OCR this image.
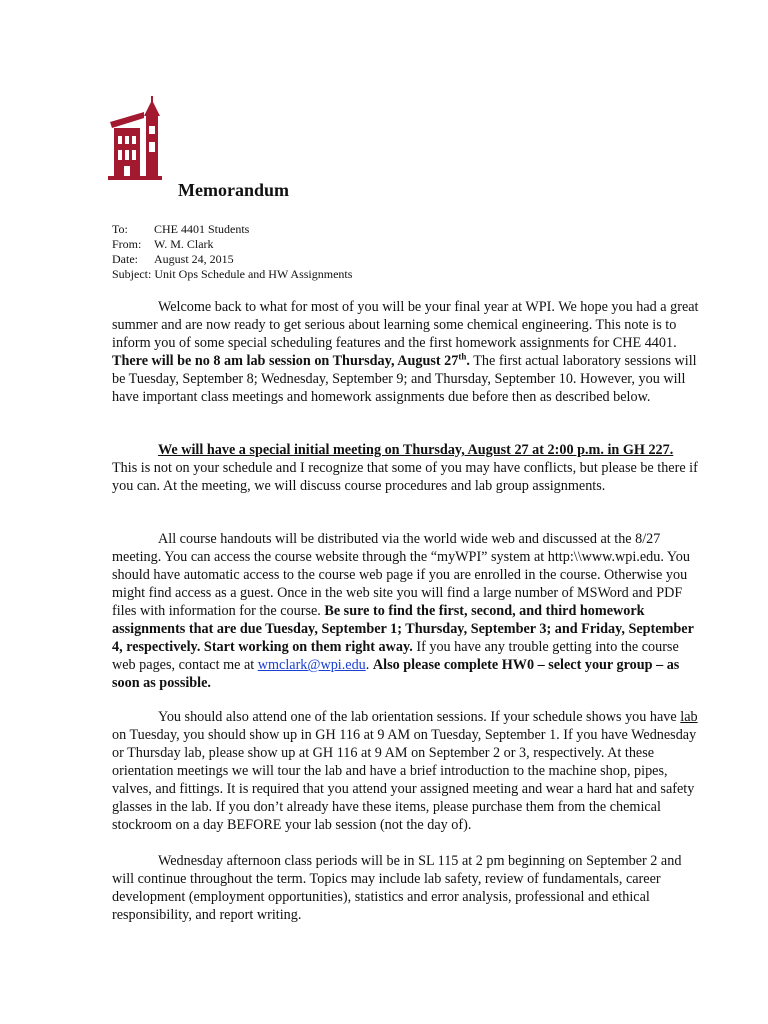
Memorandum
To: CHE 4401 Students
From: W. M. Clark
Date: August 24, 2015
Subject: Unit Ops Schedule and HW Assignments
Welcome back to what for most of you will be your final year at WPI. We hope you had a great summer and are now ready to get serious about learning some chemical engineering. This note is to inform you of some special scheduling features and the first homework assignments for CHE 4401. There will be no 8 am lab session on Thursday, August 27th. The first actual laboratory sessions will be Tuesday, September 8; Wednesday, September 9; and Thursday, September 10. However, you will have important class meetings and homework assignments due before then as described below.
We will have a special initial meeting on Thursday, August 27 at 2:00 p.m. in GH 227. This is not on your schedule and I recognize that some of you may have conflicts, but please be there if you can. At the meeting, we will discuss course procedures and lab group assignments.
All course handouts will be distributed via the world wide web and discussed at the 8/27 meeting. You can access the course website through the “myWPI” system at http:\\www.wpi.edu. You should have automatic access to the course web page if you are enrolled in the course. Otherwise you might find access as a guest. Once in the web site you will find a large number of MSWord and PDF files with information for the course. Be sure to find the first, second, and third homework assignments that are due Tuesday, September 1; Thursday, September 3; and Friday, September 4, respectively. Start working on them right away. If you have any trouble getting into the course web pages, contact me at wmclark@wpi.edu. Also please complete HW0 – select your group – as soon as possible.
You should also attend one of the lab orientation sessions. If your schedule shows you have lab on Tuesday, you should show up in GH 116 at 9 AM on Tuesday, September 1. If you have Wednesday or Thursday lab, please show up at GH 116 at 9 AM on September 2 or 3, respectively. At these orientation meetings we will tour the lab and have a brief introduction to the machine shop, pipes, valves, and fittings. It is required that you attend your assigned meeting and wear a hard hat and safety glasses in the lab. If you don’t already have these items, please purchase them from the chemical stockroom on a day BEFORE your lab session (not the day of).
Wednesday afternoon class periods will be in SL 115 at 2 pm beginning on September 2 and will continue throughout the term. Topics may include lab safety, review of fundamentals, career development (employment opportunities), statistics and error analysis, professional and ethical responsibility, and report writing.
